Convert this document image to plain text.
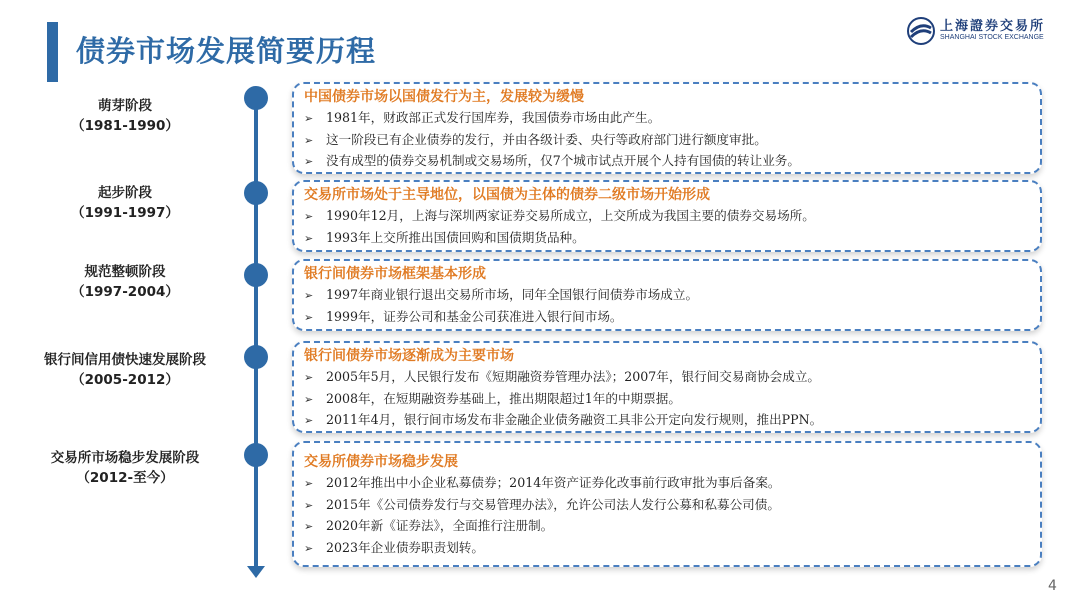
债券市场发展简要历程
上海證券交易所
SHANGHAI STOCK EXCHANGE
萌芽阶段
（1981-1990）
中国债券市场以国债发行为主，发展较为缓慢
➢ 1981年，财政部正式发行国库券，我国债券市场由此产生。
➢ 这一阶段已有企业债券的发行，并由各级计委、央行等政府部门进行额度审批。
➢ 没有成型的债券交易机制或交易场所，仅7个城市试点开展个人持有国债的转让业务。
起步阶段
（1991-1997）
交易所市场处于主导地位，以国债为主体的债券二级市场开始形成
➢ 1990年12月，上海与深圳两家证券交易所成立，上交所成为我国主要的债券交易场所。
➢ 1993年上交所推出国债回购和国债期货品种。
规范整顿阶段
（1997-2004）
银行间债券市场框架基本形成
➢ 1997年商业银行退出交易所市场，同年全国银行间债券市场成立。
➢ 1999年，证券公司和基金公司获准进入银行间市场。
银行间信用债快速发展阶段
（2005-2012）
银行间债券市场逐渐成为主要市场
➢ 2005年5月，人民银行发布《短期融资券管理办法》；2007年，银行间交易商协会成立。
➢ 2008年，在短期融资券基础上，推出期限超过1年的中期票据。
➢ 2011年4月，银行间市场发布非金融企业债务融资工具非公开定向发行规则，推出PPN。
交易所市场稳步发展阶段
（2012-至今）
交易所债券市场稳步发展
➢ 2012年推出中小企业私募债券；2014年资产证券化改事前行政审批为事后备案。
➢ 2015年《公司债券发行与交易管理办法》，允许公司法人发行公募和私募公司债。
➢ 2020年新《证券法》，全面推行注册制。
➢ 2023年企业债券职责划转。
4
